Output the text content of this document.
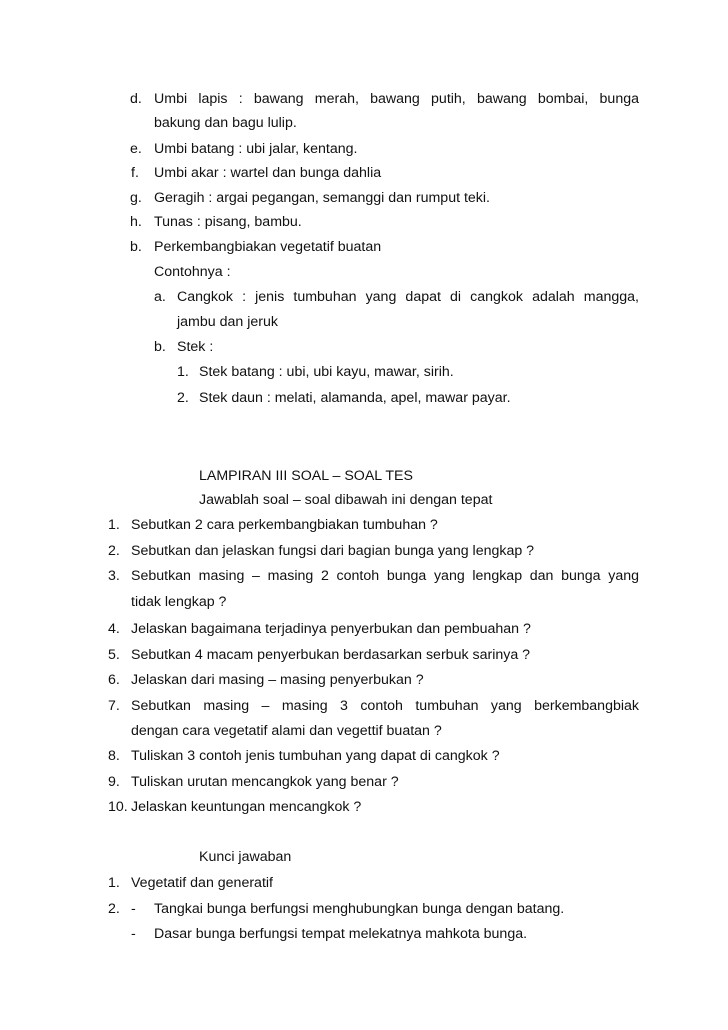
d. Umbi lapis : bawang merah, bawang putih, bawang bombai, bunga
bakung dan bagu lulip.
e. Umbi batang : ubi jalar, kentang.
f. Umbi akar : wartel dan bunga dahlia
g. Geragih : argai pegangan, semanggi dan rumput teki.
h. Tunas : pisang, bambu.
b. Perkembangbiakan vegetatif buatan
Contohnya :
a. Cangkok : jenis tumbuhan yang dapat di cangkok adalah mangga,
jambu dan jeruk
b. Stek :
1. Stek batang : ubi, ubi kayu, mawar, sirih.
2. Stek daun : melati, alamanda, apel, mawar payar.
LAMPIRAN III SOAL – SOAL TES
Jawablah soal – soal dibawah ini dengan tepat
1. Sebutkan 2 cara perkembangbiakan tumbuhan ?
2. Sebutkan dan jelaskan fungsi dari bagian bunga yang lengkap ?
3. Sebutkan masing – masing 2 contoh bunga yang lengkap dan bunga yang
tidak lengkap ?
4. Jelaskan bagaimana terjadinya penyerbukan dan pembuahan ?
5. Sebutkan 4 macam penyerbukan berdasarkan serbuk sarinya ?
6. Jelaskan dari masing – masing penyerbukan ?
7. Sebutkan masing – masing 3 contoh tumbuhan yang berkembangbiak
dengan cara vegetatif alami dan vegettif buatan ?
8. Tuliskan 3 contoh jenis tumbuhan yang dapat di cangkok ?
9. Tuliskan urutan mencangkok yang benar ?
10. Jelaskan keuntungan mencangkok ?
Kunci jawaban
1. Vegetatif dan generatif
2. - Tangkai bunga berfungsi menghubungkan bunga dengan batang.
- Dasar bunga berfungsi tempat melekatnya mahkota bunga.
